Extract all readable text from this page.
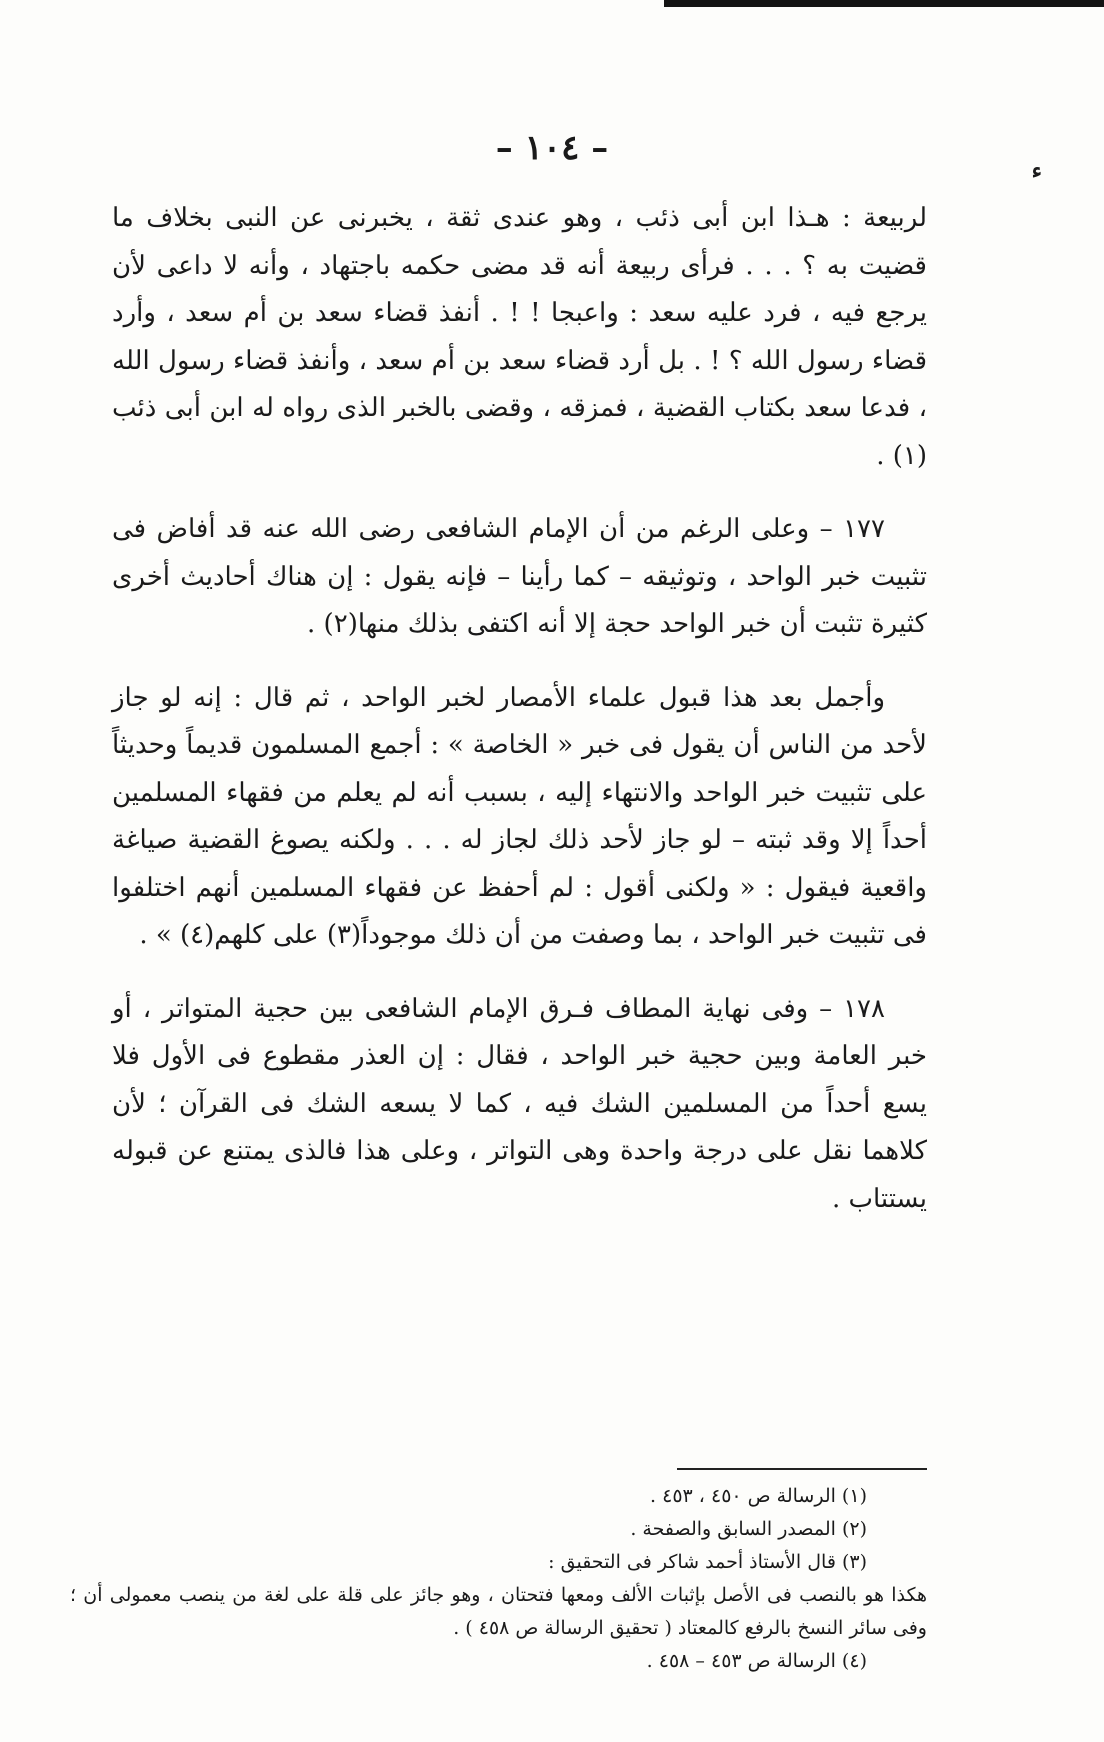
ء
– ١٠٤ –

لربيعة : هـذا ابن أبى ذئب ، وهو عندى ثقة ، يخبرنى عن النبى بخلاف ما قضيت به ؟ . . . فرأى ربيعة أنه قد مضى حكمه باجتهاد ، وأنه لا داعى لأن يرجع فيه ، فرد عليه سعد : واعبجا ! ! . أنفذ قضاء سعد بن أم سعد ، وأرد قضاء رسول الله ؟ ! . بل أرد قضاء سعد بن أم سعد ، وأنفذ قضاء رسول الله ، فدعا سعد بكتاب القضية ، فمزقه ، وقضى بالخبر الذى رواه له ابن أبى ذئب (١) .

١٧٧ – وعلى الرغم من أن الإمام الشافعى رضى الله عنه قد أفاض فى تثبيت خبر الواحد ، وتوثيقه – كما رأينا – فإنه يقول : إن هناك أحاديث أخرى كثيرة تثبت أن خبر الواحد حجة إلا أنه اكتفى بذلك منها(٢) .

وأجمل بعد هذا قبول علماء الأمصار لخبر الواحد ، ثم قال : إنه لو جاز لأحد من الناس أن يقول فى خبر « الخاصة » : أجمع المسلمون قديماً وحديثاً على تثبيت خبر الواحد والانتهاء إليه ، بسبب أنه لم يعلم من فقهاء المسلمين أحداً إلا وقد ثبته – لو جاز لأحد ذلك لجاز له . . . ولكنه يصوغ القضية صياغة واقعية فيقول : « ولكنى أقول : لم أحفظ عن فقهاء المسلمين أنهم اختلفوا فى تثبيت خبر الواحد ، بما وصفت من أن ذلك موجوداً(٣) على كلهم(٤) » .

١٧٨ – وفى نهاية المطاف فـرق الإمام الشافعى بين حجية المتواتر ، أو خبر العامة وبين حجية خبر الواحد ، فقال : إن العذر مقطوع فى الأول فلا يسع أحداً من المسلمين الشك فيه ، كما لا يسعه الشك فى القرآن ؛ لأن كلاهما نقل على درجة واحدة وهى التواتر ، وعلى هذا فالذى يمتنع عن قبوله يستتاب .

(١) الرسالة ص ٤٥٠ ، ٤٥٣ .
(٢) المصدر السابق والصفحة .
(٣) قال الأستاذ أحمد شاكر فى التحقيق :
هكذا هو بالنصب فى الأصل بإثبات الألف ومعها فتحتان ، وهو جائز على قلة على لغة من ينصب معمولى أن ؛ وفى سائر النسخ بالرفع كالمعتاد ( تحقيق الرسالة ص ٤٥٨ ) .
(٤) الرسالة ص ٤٥٣ – ٤٥٨ .
